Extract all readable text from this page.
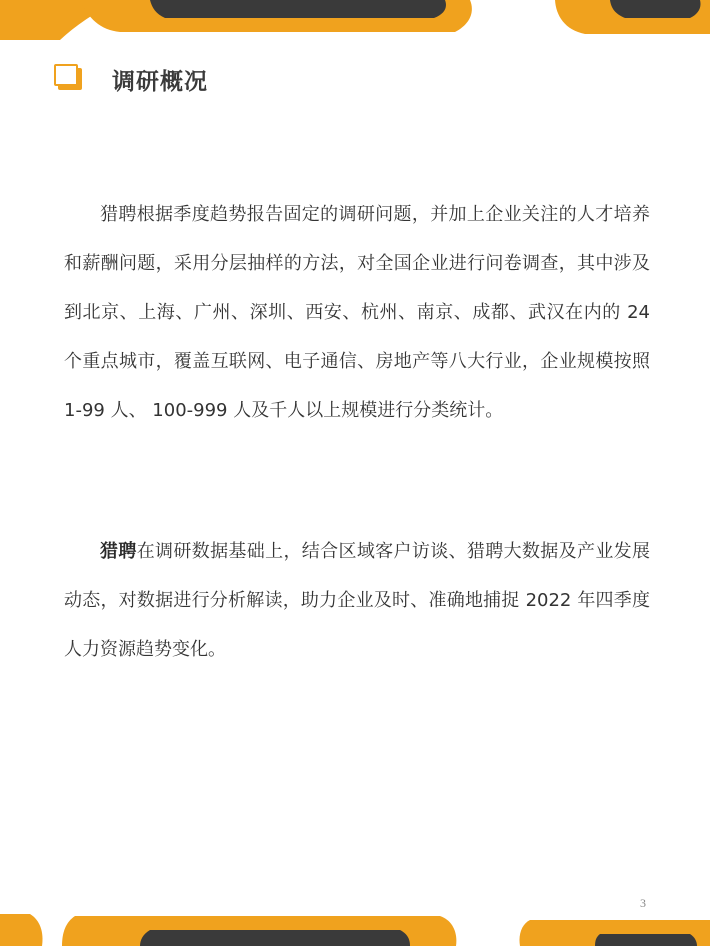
调研概况

猎聘根据季度趋势报告固定的调研问题，并加上企业关注的人才培养和薪酬问题，采用分层抽样的方法，对全国企业进行问卷调查，其中涉及到北京、上海、广州、深圳、西安、杭州、南京、成都、武汉在内的 24 个重点城市，覆盖互联网、电子通信、房地产等八大行业，企业规模按照 1-99 人、 100-999 人及千人以上规模进行分类统计。

猎聘在调研数据基础上，结合区域客户访谈、猎聘大数据及产业发展动态，对数据进行分析解读，助力企业及时、准确地捕捉 2022 年四季度人力资源趋势变化。

3
